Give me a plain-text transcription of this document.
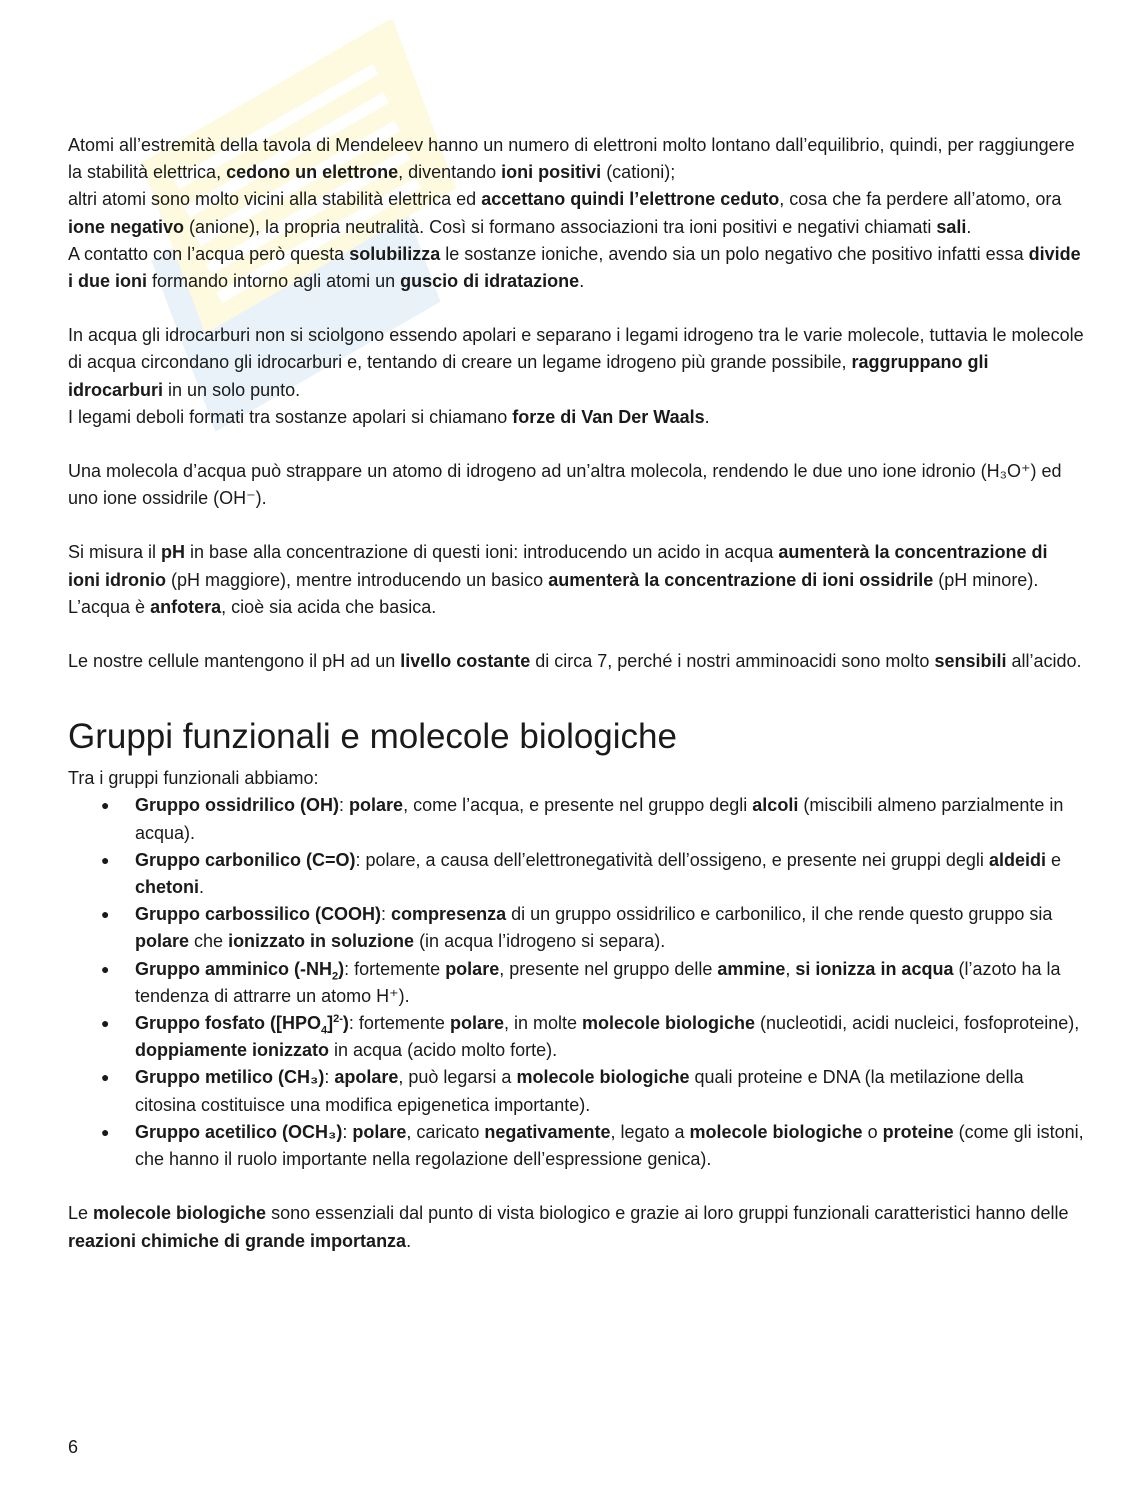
Atomi all’estremità della tavola di Mendeleev hanno un numero di elettroni molto lontano dall’equilibrio, quindi, per raggiungere la stabilità elettrica, cedono un elettrone, diventando ioni positivi (cationi);

altri atomi sono molto vicini alla stabilità elettrica ed accettano quindi l’elettrone ceduto, cosa che fa perdere all’atomo, ora ione negativo (anione), la propria neutralità. Così si formano associazioni tra ioni positivi e negativi chiamati sali.

A contatto con l’acqua però questa solubilizza le sostanze ioniche, avendo sia un polo negativo che positivo infatti essa divide i due ioni formando intorno agli atomi un guscio di idratazione.

In acqua gli idrocarburi non si sciolgono essendo apolari e separano i legami idrogeno tra le varie molecole, tuttavia le molecole di acqua circondano gli idrocarburi e, tentando di creare un legame idrogeno più grande possibile, raggruppano gli idrocarburi in un solo punto.

I legami deboli formati tra sostanze apolari si chiamano forze di Van Der Waals.

Una molecola d’acqua può strappare un atomo di idrogeno ad un’altra molecola, rendendo le due uno ione idronio (H₃O⁺) ed uno ione ossidrile (OH⁻).

Si misura il pH in base alla concentrazione di questi ioni: introducendo un acido in acqua aumenterà la concentrazione di ioni idronio (pH maggiore), mentre introducendo un basico aumenterà la concentrazione di ioni ossidrile (pH minore).

L’acqua è anfotera, cioè sia acida che basica.

Le nostre cellule mantengono il pH ad un livello costante di circa 7, perché i nostri amminoacidi sono molto sensibili all’acido.

Gruppi funzionali e molecole biologiche

Tra i gruppi funzionali abbiamo:

● Gruppo ossidrilico (OH): polare, come l’acqua, e presente nel gruppo degli alcoli (miscibili almeno parzialmente in acqua).
● Gruppo carbonilico (C=O): polare, a causa dell’elettronegatività dell’ossigeno, e presente nei gruppi degli aldeidi e chetoni.
● Gruppo carbossilico (COOH): compresenza di un gruppo ossidrilico e carbonilico, il che rende questo gruppo sia polare che ionizzato in soluzione (in acqua l’idrogeno si separa).
● Gruppo amminico $(-NH_2)$: fortemente polare, presente nel gruppo delle ammine, si ionizza in acqua (l’azoto ha la tendenza di attrarre un atomo H⁺).
● Gruppo fosfato $([HPO_4]^{2-})$: fortemente polare, in molte molecole biologiche (nucleotidi, acidi nucleici, fosfoproteine), doppiamente ionizzato in acqua (acido molto forte).
● Gruppo metilico (CH₃): apolare, può legarsi a molecole biologiche quali proteine e DNA (la metilazione della citosina costituisce una modifica epigenetica importante).
● Gruppo acetilico (OCH₃): polare, caricato negativamente, legato a molecole biologiche o proteine (come gli istoni, che hanno il ruolo importante nella regolazione dell’espressione genica).

Le molecole biologiche sono essenziali dal punto di vista biologico e grazie ai loro gruppi funzionali caratteristici hanno delle reazioni chimiche di grande importanza.

6
